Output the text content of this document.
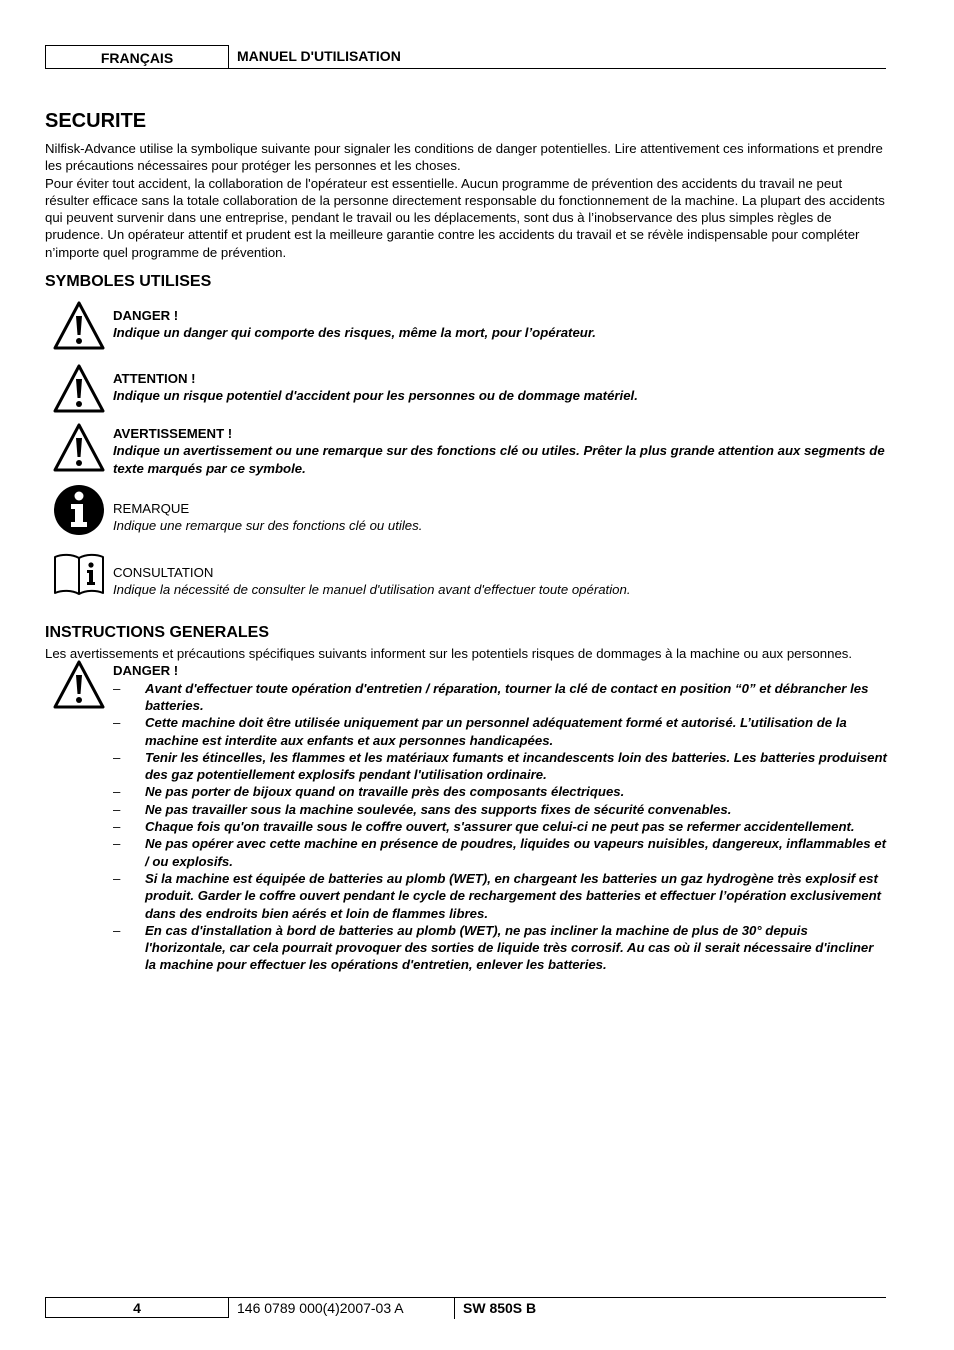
FRANÇAIS	MANUEL D'UTILISATION
SECURITE

Nilfisk-Advance utilise la symbolique suivante pour signaler les conditions de danger potentielles. Lire attentivement ces informations et prendre les précautions nécessaires pour protéger les personnes et les choses.

Pour éviter tout accident, la collaboration de l'opérateur est essentielle. Aucun programme de prévention des accidents du travail ne peut résulter efficace sans la totale collaboration de la personne directement responsable du fonctionnement de la machine. La plupart des accidents qui peuvent survenir dans une entreprise, pendant le travail ou les déplacements, sont dus à l’inobservance des plus simples règles de prudence. Un opérateur attentif et prudent est la meilleure garantie contre les accidents du travail et se révèle indispensable pour compléter n’importe quel programme de prévention.

SYMBOLES UTILISES
DANGER !
Indique un danger qui comporte des risques, même la mort, pour l’opérateur.
ATTENTION !
Indique un risque potentiel d'accident pour les personnes ou de dommage matériel.
AVERTISSEMENT !
Indique un avertissement ou une remarque sur des fonctions clé ou utiles. Prêter la plus grande attention aux segments de texte marqués par ce symbole.
REMARQUE
Indique une remarque sur des fonctions clé ou utiles.
CONSULTATION
Indique la nécessité de consulter le manuel d'utilisation avant d'effectuer toute opération.
INSTRUCTIONS GENERALES

Les avertissements et précautions spécifiques suivants informent sur les potentiels risques de dommages à la machine ou aux personnes.

DANGER !
– Avant d'effectuer toute opération d'entretien / réparation, tourner la clé de contact en position “0” et débrancher les batteries.
– Cette machine doit être utilisée uniquement par un personnel adéquatement formé et autorisé. L’utilisation de la machine est interdite aux enfants et aux personnes handicapées.
– Tenir les étincelles, les flammes et les matériaux fumants et incandescents loin des batteries. Les batteries produisent des gaz potentiellement explosifs pendant l'utilisation ordinaire.
– Ne pas porter de bijoux quand on travaille près des composants électriques.
– Ne pas travailler sous la machine soulevée, sans des supports fixes de sécurité convenables.
– Chaque fois qu'on travaille sous le coffre ouvert, s'assurer que celui-ci ne peut pas se refermer accidentellement.
– Ne pas opérer avec cette machine en présence de poudres, liquides ou vapeurs nuisibles, dangereux, inflammables et / ou explosifs.
– Si la machine est équipée de batteries au plomb (WET), en chargeant les batteries un gaz hydrogène très explosif est produit. Garder le coffre ouvert pendant le cycle de rechargement des batteries et effectuer l’opération exclusivement dans des endroits bien aérés et loin de flammes libres.
– En cas d'installation à bord de batteries au plomb (WET), ne pas incliner la machine de plus de 30° depuis l'horizontale, car cela pourrait provoquer des sorties de liquide très corrosif. Au cas où il serait nécessaire d'incliner la machine pour effectuer les opérations d'entretien, enlever les batteries.
4	146 0789 000(4)2007-03 A	SW 850S B
